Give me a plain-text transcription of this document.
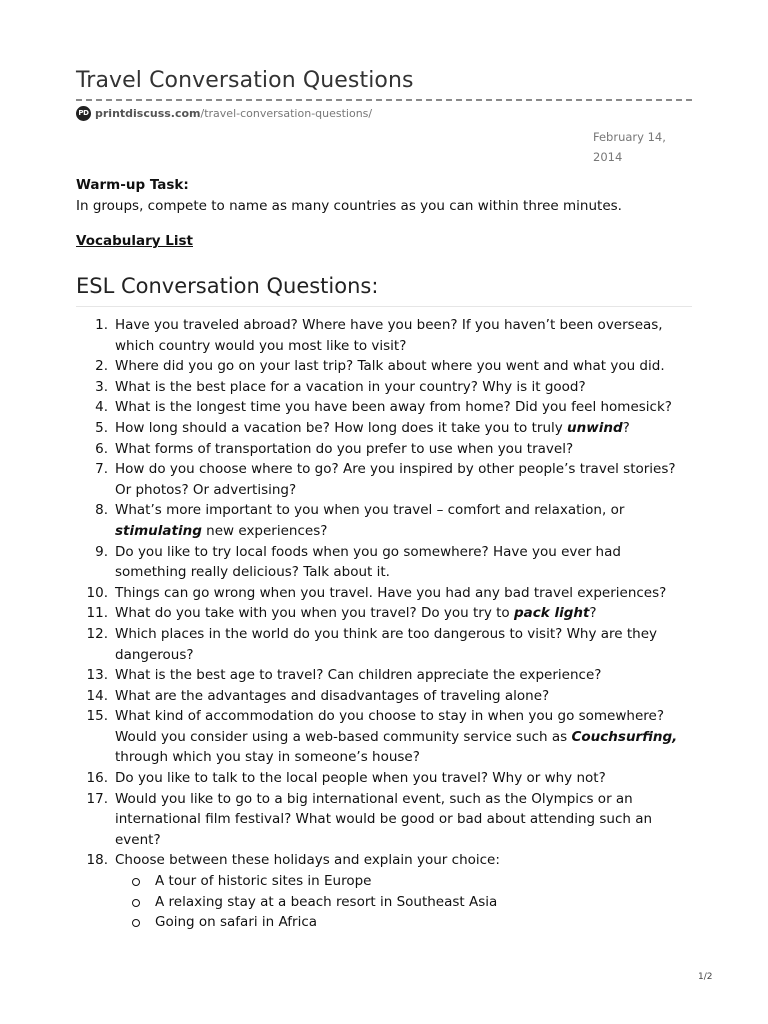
Travel Conversation Questions
PD printdiscuss.com /travel-conversation-questions/
February 14,
2014
Warm-up Task:
In groups, compete to name as many countries as you can within three minutes.
Vocabulary List
ESL Conversation Questions:
1. Have you traveled abroad? Where have you been? If you haven’t been overseas, which country would you most like to visit?
2. Where did you go on your last trip? Talk about where you went and what you did.
3. What is the best place for a vacation in your country? Why is it good?
4. What is the longest time you have been away from home? Did you feel homesick?
5. How long should a vacation be? How long does it take you to truly unwind?
6. What forms of transportation do you prefer to use when you travel?
7. How do you choose where to go? Are you inspired by other people’s travel stories? Or photos? Or advertising?
8. What’s more important to you when you travel – comfort and relaxation, or stimulating new experiences?
9. Do you like to try local foods when you go somewhere? Have you ever had something really delicious? Talk about it.
10. Things can go wrong when you travel. Have you had any bad travel experiences?
11. What do you take with you when you travel? Do you try to pack light?
12. Which places in the world do you think are too dangerous to visit? Why are they dangerous?
13. What is the best age to travel? Can children appreciate the experience?
14. What are the advantages and disadvantages of traveling alone?
15. What kind of accommodation do you choose to stay in when you go somewhere? Would you consider using a web-based community service such as Couchsurfing, through which you stay in someone’s house?
16. Do you like to talk to the local people when you travel? Why or why not?
17. Would you like to go to a big international event, such as the Olympics or an international film festival? What would be good or bad about attending such an event?
18. Choose between these holidays and explain your choice:
A tour of historic sites in Europe
A relaxing stay at a beach resort in Southeast Asia
Going on safari in Africa
1/2
